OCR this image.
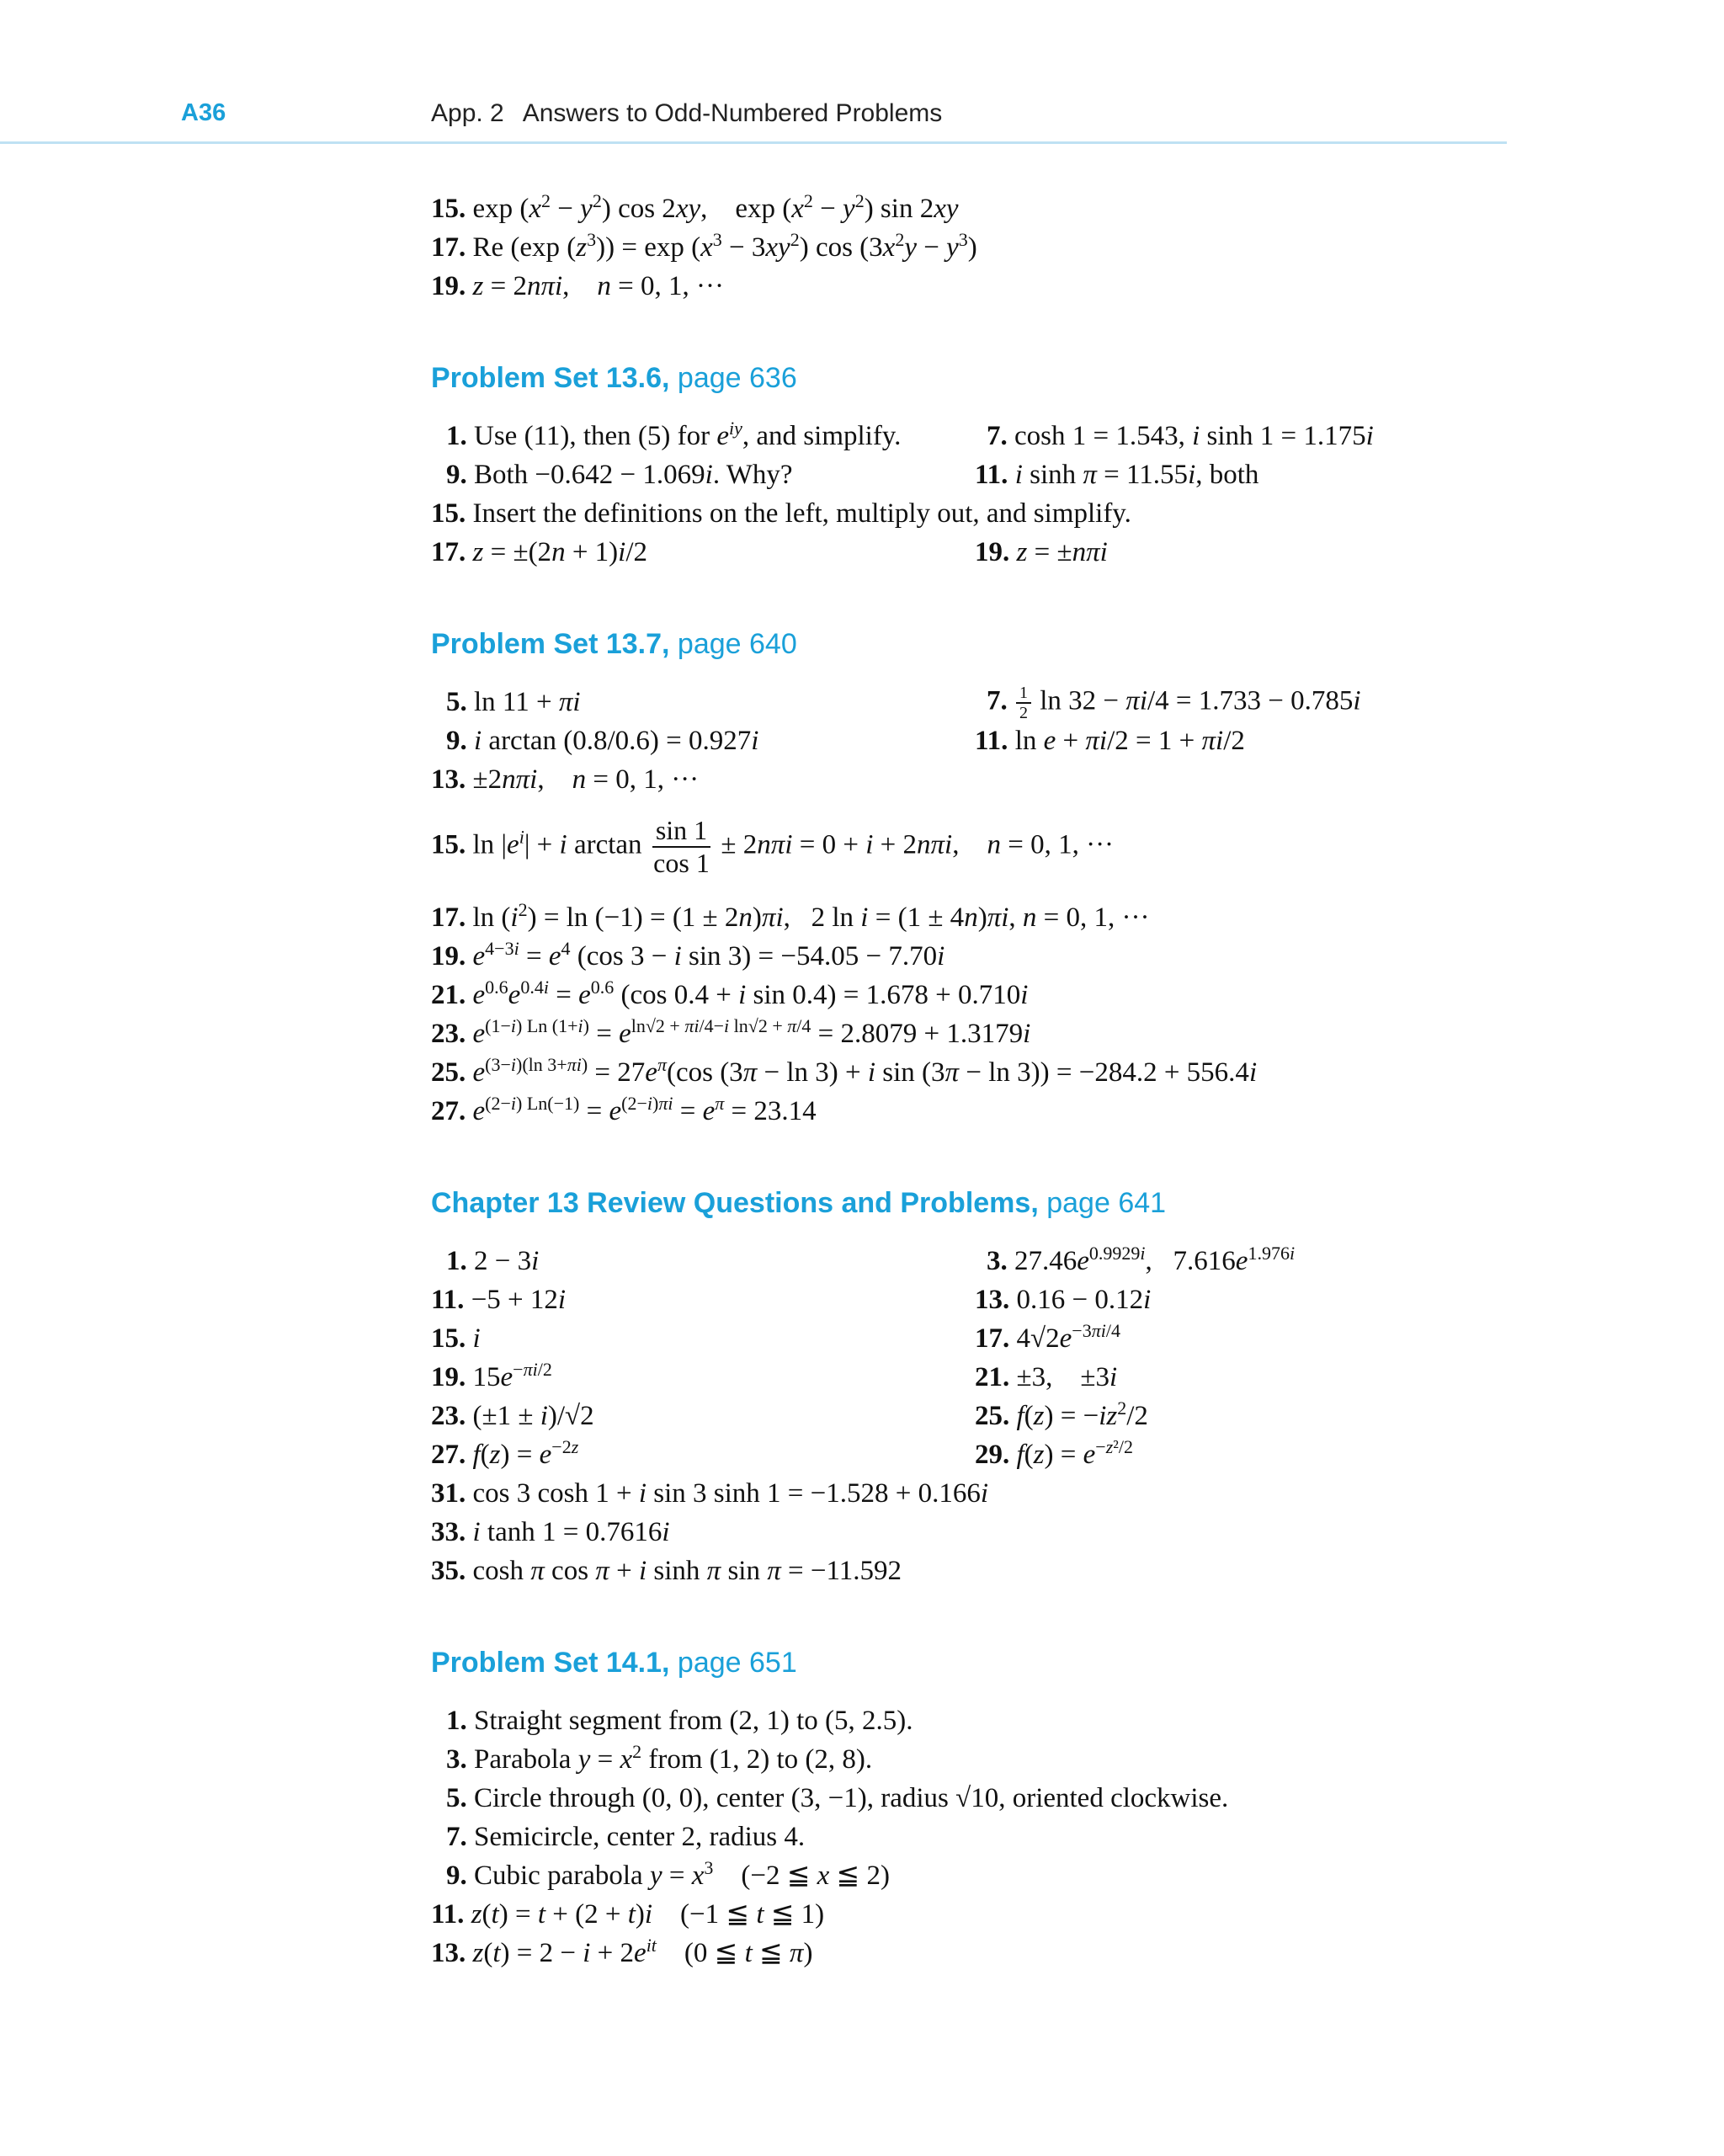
A36	App. 2 Answers to Odd-Numbered Problems
15. $\exp (x^2 - y^2)$ cos 2xy,    $\exp (x^2 - y^2)$ sin 2xy
17. Re (exp $(z^3)) = \exp (x^3 - 3xy^2)$ $\cos (3x^2y - y^3)$
19. z = 2nπi,    n = 0, 1, ···
Problem Set 13.6, page 636
1. Use (11), then (5) for $e^{iy}$, and simplify.	7. cosh 1 = 1.543, i sinh 1 = 1.175i
9. Both −0.642 − 1.069i. Why?	11. i sinh π = 11.55i, both
15. Insert the definitions on the left, multiply out, and simplify.
17. z = ±(2n + 1)i/2	19. z = ±nπi
Problem Set 13.7, page 640
5. ln 11 + πi	7. $\frac{1}{2}$ ln 32 − πi/4 = 1.733 − 0.785i
9. i arctan (0.8/0.6) = 0.927i	11. ln e + πi/2 = 1 + πi/2
13. ±2nπi,    n = 0, 1, ···
15. $\ln |e^i| + i$ $\arctan \frac{\sin 1}{\cos 1} \pm 2n\pi i = 0 + i + 2n\pi i$,    n = 0, 1, ···
17. $\ln (i^2) = \ln (-1) = (1 \pm 2n)\pi i$,   2 ln i = (1 ± 4n)πi, n = 0, 1, ···
19. $e^{4-3i} = e^4$ (cos 3 − i sin 3) = −54.05 − 7.70i
21. $e^{0.6}e^{0.4i} = e^{0.6}$ (cos 0.4 + i sin 0.4) = 1.678 + 0.710i
23. $e^{(1-i) Ln (1+i)} = e^{ln√2 + \pi i/4-i ln√2 + \pi/4} = 2.8079 + 1.3179i$
25. $e^{(3-i)(ln 3+\pi i)} = 27e^\pi(\cos$ (3π − ln 3) + i sin (3π − ln 3)) = −284.2 + 556.4i
27. $e^{(2-i) Ln(-1)} = e^{(2-i)\pi i} = e^\pi = 23.14$
Chapter 13 Review Questions and Problems, page 641
1. 2 − 3i	3. $27.46e^{0.9929i}$,   $7.616e^{1.976i}$
11. −5 + 12i	13. 0.16 − 0.12i
15. i	17. $4√2e^{-3\pi i/4}$
19. $15e^{-\pi i/2}$	21. ±3,    ±3i
23. (±1 ± i)/√2	25. $f(z) = -iz^2/2$
27. $f(z) = e^{-2z}$	29. $f(z) = e^{-z^2/2}$
31. cos 3 cosh 1 + i sin 3 sinh 1 = −1.528 + 0.166i
33. i tanh 1 = 0.7616i
35. cosh π cos π + i sinh π sin π = −11.592
Problem Set 14.1, page 651
1. Straight segment from (2, 1) to (5, 2.5).
3. Parabola $y = x^2$ from (1, 2) to (2, 8).
5. Circle through (0, 0), center (3, −1), radius √10, oriented clockwise.
7. Semicircle, center 2, radius 4.
9. Cubic parabola $y = x^3$    (−2 ≦ x ≦ 2)
11. z(t) = t + (2 + t)i    (−1 ≦ t ≦ 1)
13. $z(t) = 2 - i + 2e^{it}$    (0 ≦ t ≦ π)
